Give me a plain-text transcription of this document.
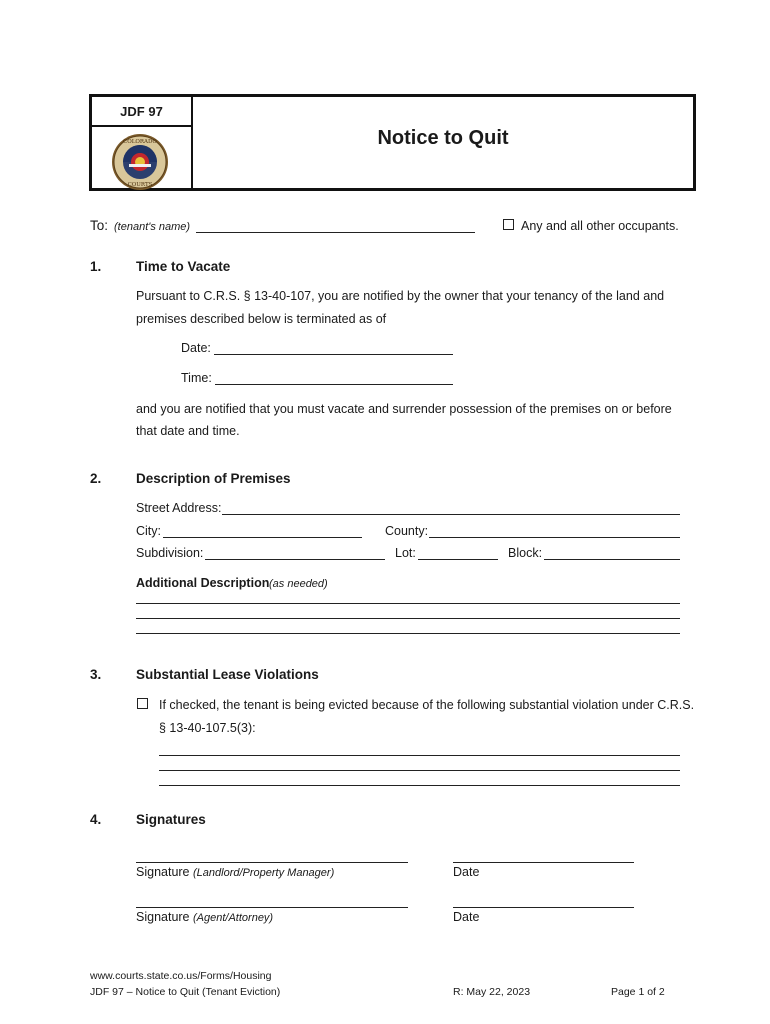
JDF 97
COLORADO
COURTS
Notice to Quit
To: (tenant's name)	Any and all other occupants.
1.	Time to Vacate
Pursuant to C.R.S. § 13-40-107, you are notified by the owner that your tenancy of the land and
premises described below is terminated as of
Date:
Time:
and you are notified that you must vacate and surrender possession of the premises on or before
that date and time.
2.	Description of Premises
Street Address:
City:	County:
Subdivision:	Lot:	Block:
Additional Description (as needed)
3.	Substantial Lease Violations
If checked, the tenant is being evicted because of the following substantial violation under C.R.S.
§ 13-40-107.5(3):
4.	Signatures
Signature (Landlord/Property Manager)	Date
Signature (Agent/Attorney)	Date
www.courts.state.co.us/Forms/Housing
JDF 97 – Notice to Quit (Tenant Eviction)	R: May 22, 2023	Page 1 of 2
